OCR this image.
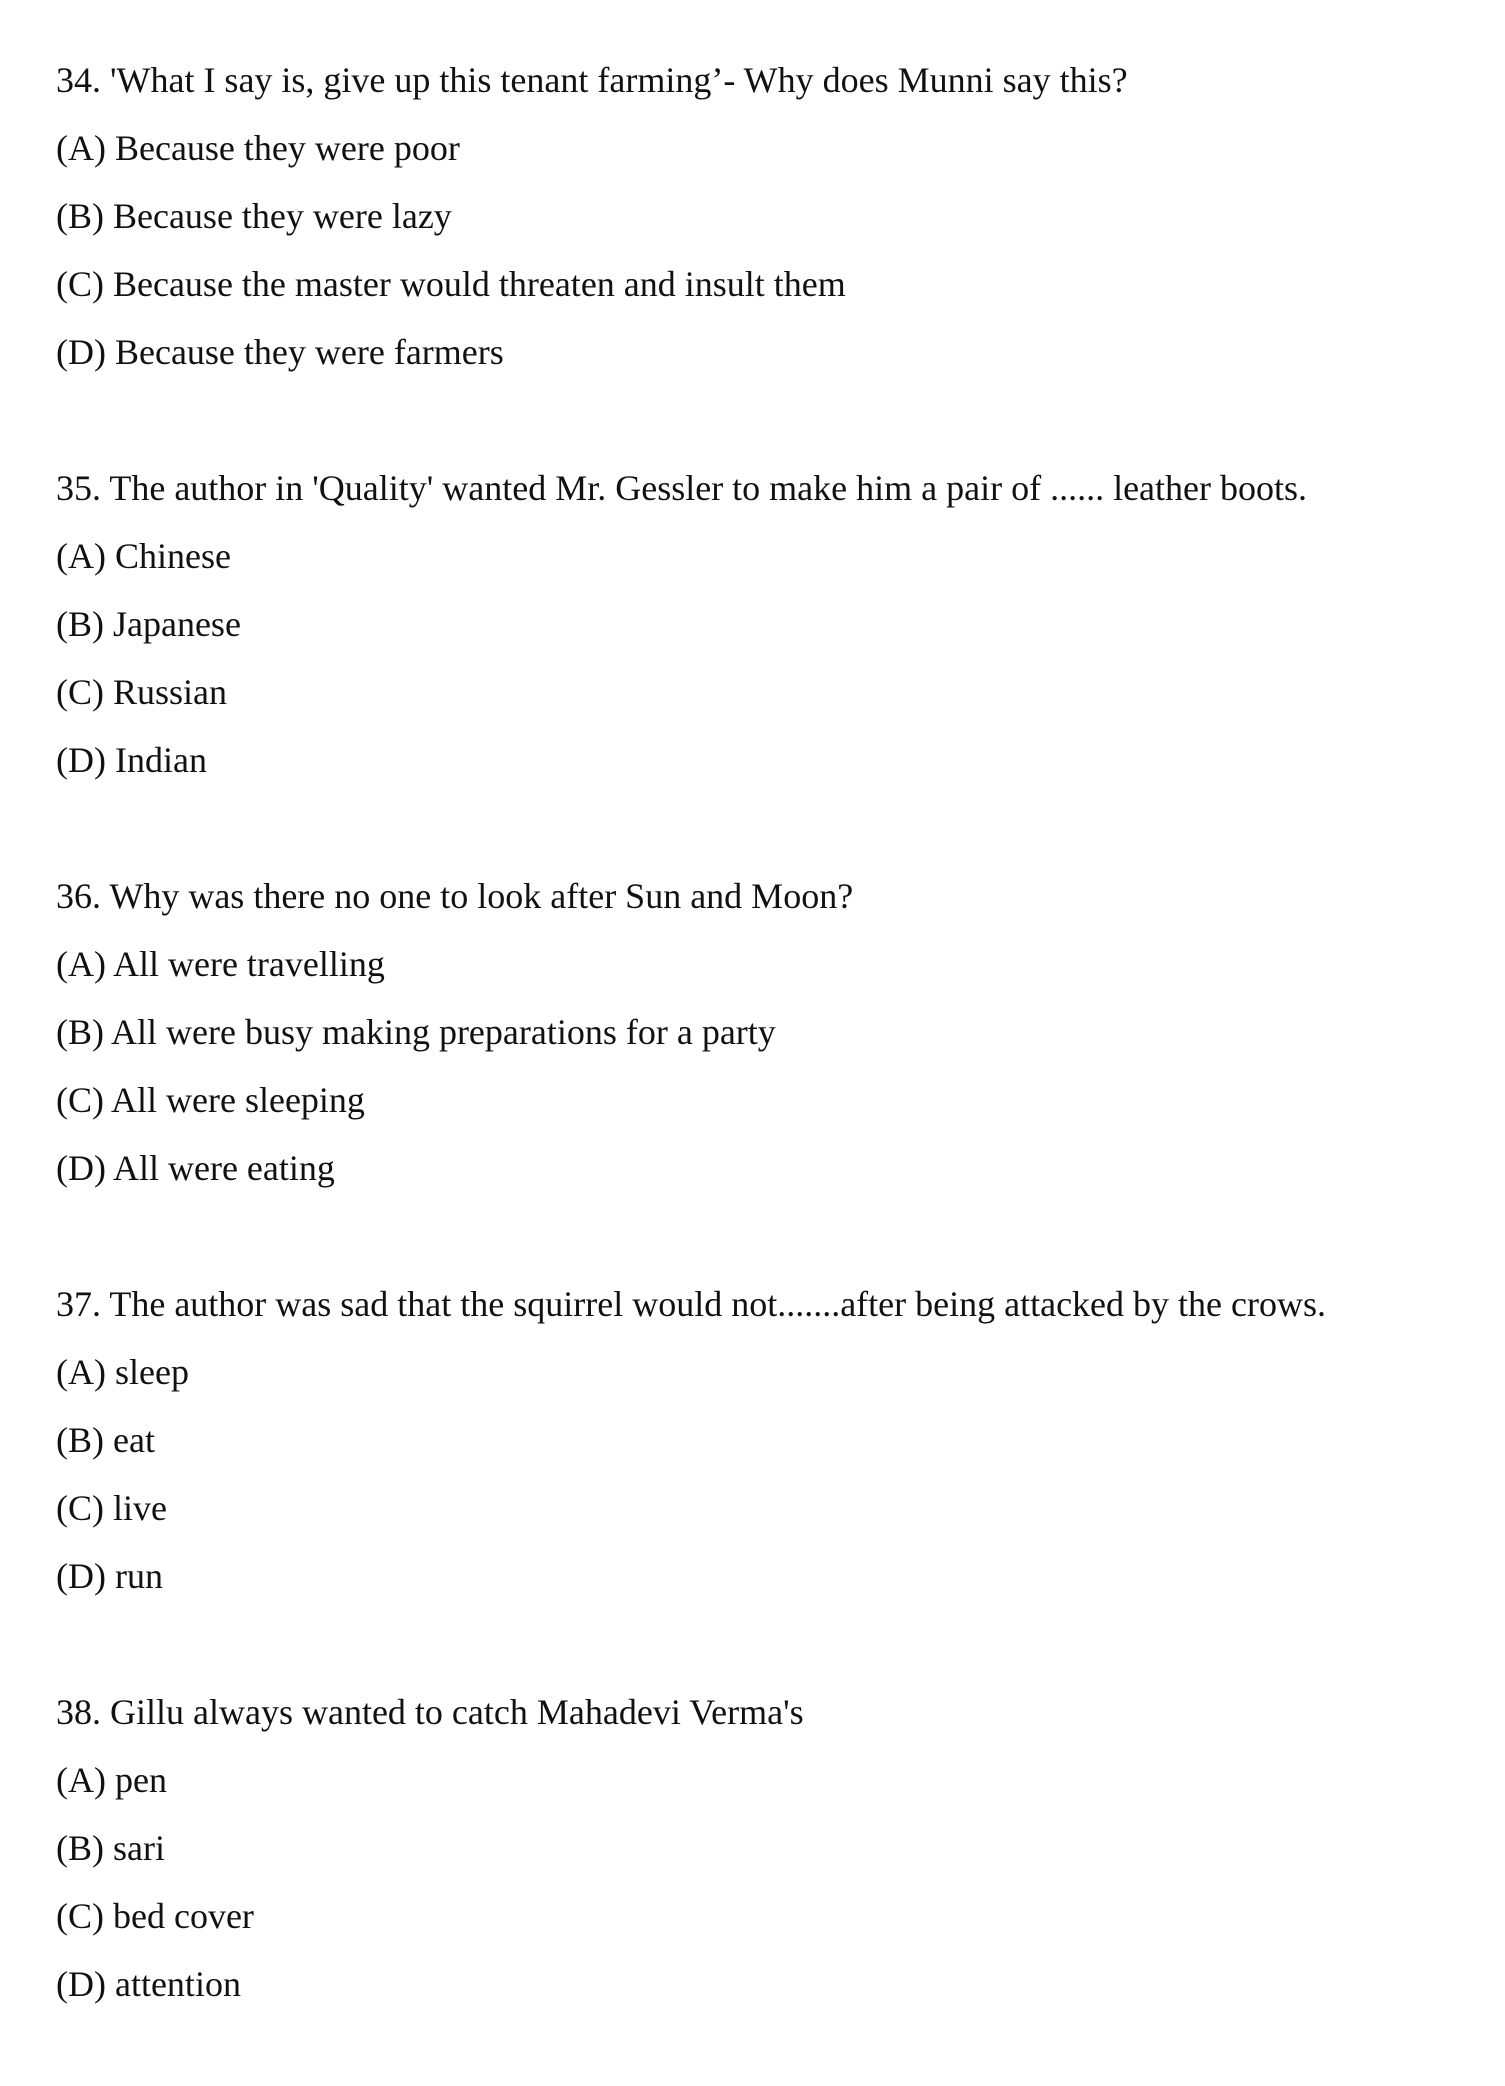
34. 'What I say is, give up this tenant farming’- Why does Munni say this?
(A) Because they were poor
(B) Because they were lazy
(C) Because the master would threaten and insult them
(D) Because they were farmers
35. The author in 'Quality' wanted Mr. Gessler to make him a pair of ...... leather boots.
(A) Chinese
(B) Japanese
(C) Russian
(D) Indian
36. Why was there no one to look after Sun and Moon?
(A) All were travelling
(B) All were busy making preparations for a party
(C) All were sleeping
(D) All were eating
37. The author was sad that the squirrel would not.......after being attacked by the crows.
(A) sleep
(B) eat
(C) live
(D) run
38. Gillu always wanted to catch Mahadevi Verma's
(A) pen
(B) sari
(C) bed cover
(D) attention
